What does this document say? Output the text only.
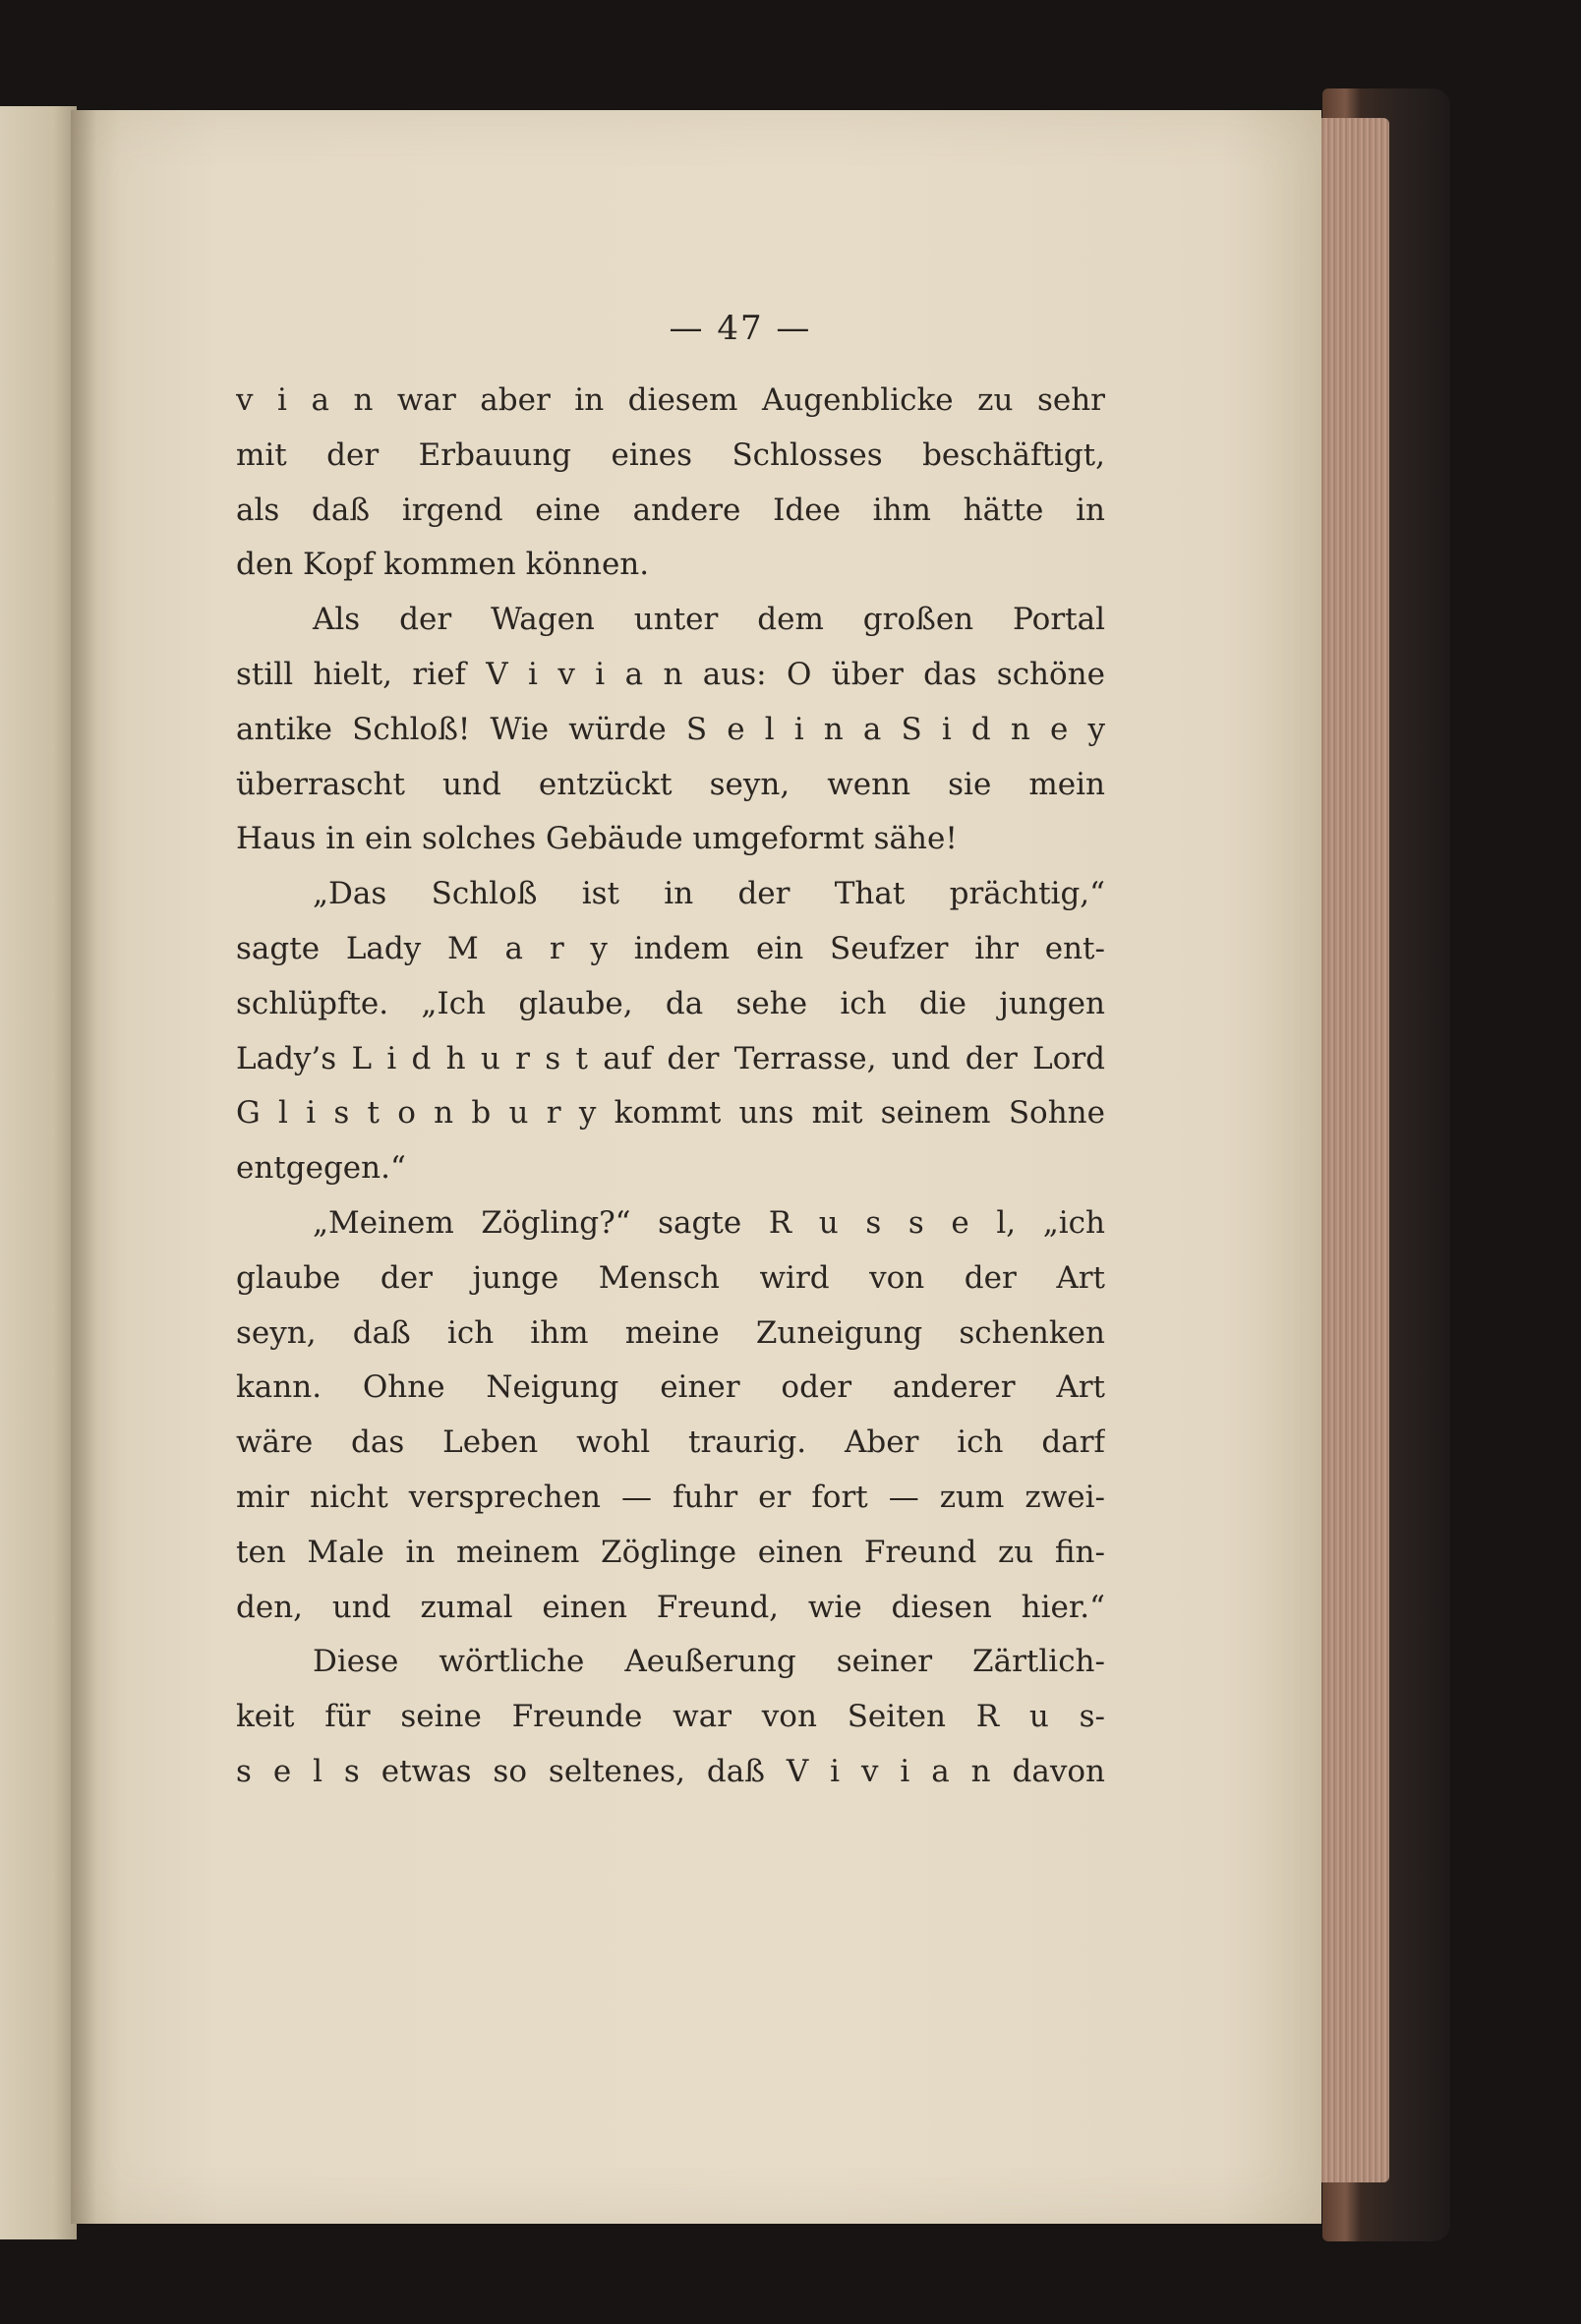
— 47 —
v i a n war aber in diesem Augenblicke zu sehr
mit der Erbauung eines Schlosses beschäftigt,
als daß irgend eine andere Idee ihm hätte in
den Kopf kommen können.
Als der Wagen unter dem großen Portal
still hielt, rief V i v i a n aus: O über das schöne
antike Schloß! Wie würde S e l i n a S i d n e y
überrascht und entzückt seyn, wenn sie mein
Haus in ein solches Gebäude umgeformt sähe!
„Das Schloß ist in der That prächtig,“
sagte Lady M a r y indem ein Seufzer ihr ent-
schlüpfte. „Ich glaube, da sehe ich die jungen
Lady’s L i d h u r s t auf der Terrasse, und der Lord
G l i s t o n b u r y kommt uns mit seinem Sohne
entgegen.“
„Meinem Zögling?“ sagte R u s s e l, „ich
glaube der junge Mensch wird von der Art
seyn, daß ich ihm meine Zuneigung schenken
kann. Ohne Neigung einer oder anderer Art
wäre das Leben wohl traurig. Aber ich darf
mir nicht versprechen — fuhr er fort — zum zwei-
ten Male in meinem Zöglinge einen Freund zu fin-
den, und zumal einen Freund, wie diesen hier.“
Diese wörtliche Aeußerung seiner Zärtlich-
keit für seine Freunde war von Seiten R u s-
s e l s etwas so seltenes, daß V i v i a n davon
